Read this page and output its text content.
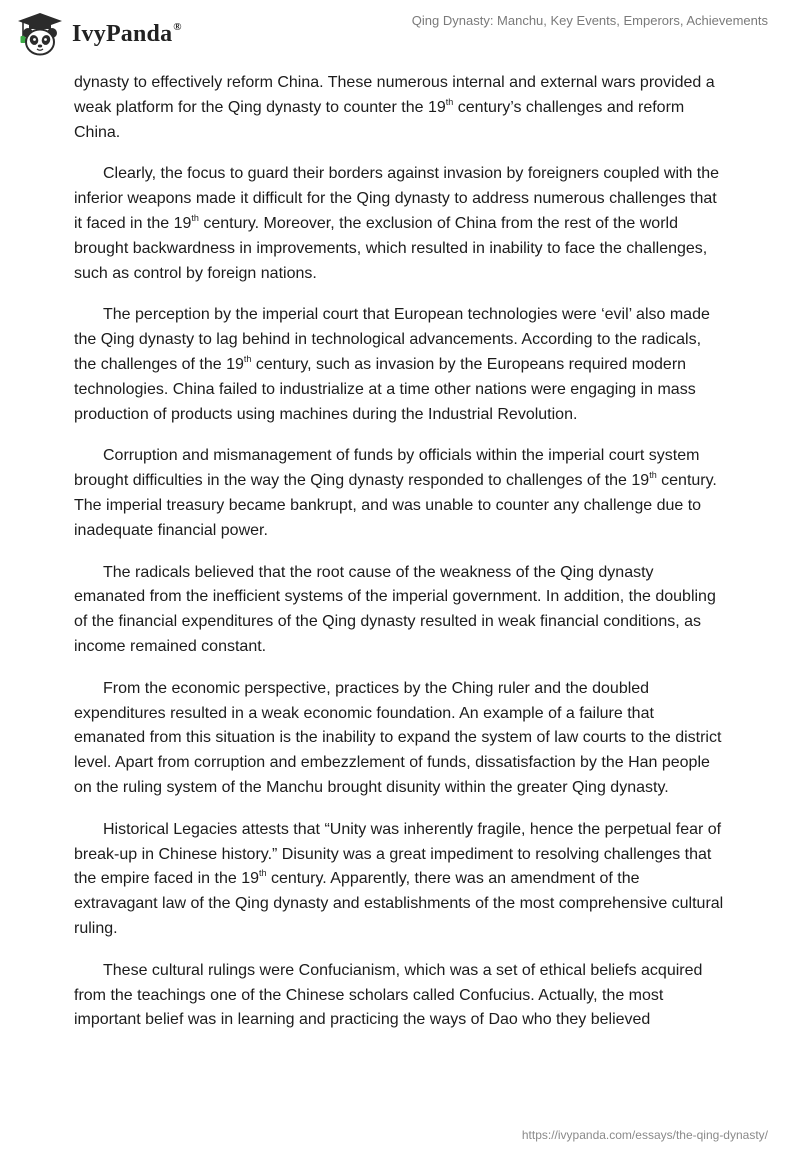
IvyPanda®	Qing Dynasty: Manchu, Key Events, Emperors, Achievements

dynasty to effectively reform China. These numerous internal and external wars provided a weak platform for the Qing dynasty to counter the 19th century’s challenges and reform China.

Clearly, the focus to guard their borders against invasion by foreigners coupled with the inferior weapons made it difficult for the Qing dynasty to address numerous challenges that it faced in the 19th century. Moreover, the exclusion of China from the rest of the world brought backwardness in improvements, which resulted in inability to face the challenges, such as control by foreign nations.

The perception by the imperial court that European technologies were ‘evil’ also made the Qing dynasty to lag behind in technological advancements. According to the radicals, the challenges of the 19th century, such as invasion by the Europeans required modern technologies. China failed to industrialize at a time other nations were engaging in mass production of products using machines during the Industrial Revolution.

Corruption and mismanagement of funds by officials within the imperial court system brought difficulties in the way the Qing dynasty responded to challenges of the 19th century. The imperial treasury became bankrupt, and was unable to counter any challenge due to inadequate financial power.

The radicals believed that the root cause of the weakness of the Qing dynasty emanated from the inefficient systems of the imperial government. In addition, the doubling of the financial expenditures of the Qing dynasty resulted in weak financial conditions, as income remained constant.

From the economic perspective, practices by the Ching ruler and the doubled expenditures resulted in a weak economic foundation. An example of a failure that emanated from this situation is the inability to expand the system of law courts to the district level. Apart from corruption and embezzlement of funds, dissatisfaction by the Han people on the ruling system of the Manchu brought disunity within the greater Qing dynasty.

Historical Legacies attests that “Unity was inherently fragile, hence the perpetual fear of break-up in Chinese history.” Disunity was a great impediment to resolving challenges that the empire faced in the 19th century. Apparently, there was an amendment of the extravagant law of the Qing dynasty and establishments of the most comprehensive cultural ruling.

These cultural rulings were Confucianism, which was a set of ethical beliefs acquired from the teachings one of the Chinese scholars called Confucius. Actually, the most important belief was in learning and practicing the ways of Dao who they believed

https://ivypanda.com/essays/the-qing-dynasty/
